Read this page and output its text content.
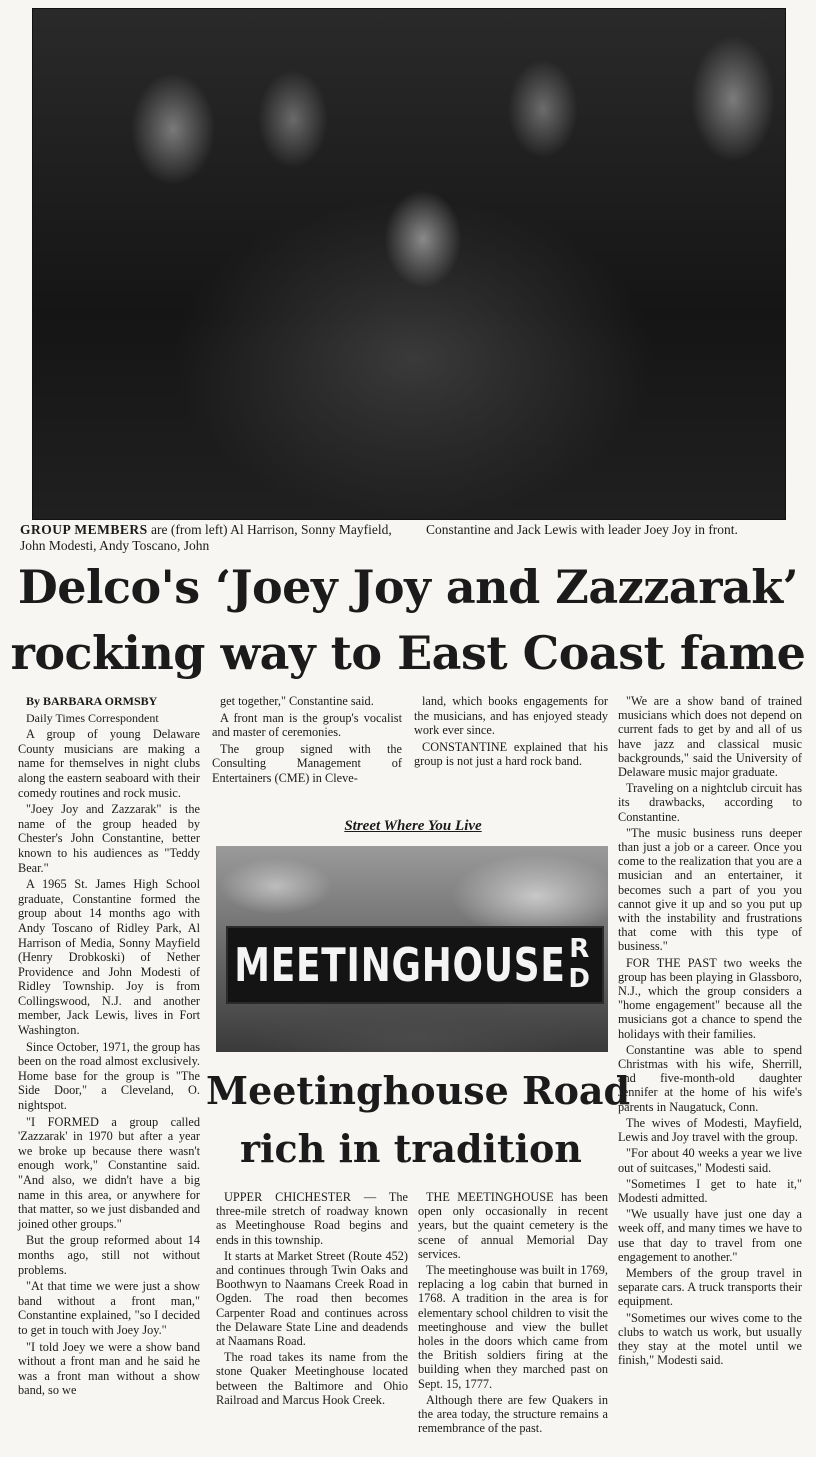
GROUP MEMBERS are (from left) Al Harrison, Sonny Mayfield, John Modesti, Andy Toscano, John
Constantine and Jack Lewis with leader Joey Joy in front.
Delco's ‘Joey Joy and Zazzarak’
rocking way to East Coast fame

By BARBARA ORMSBY

Daily Times Correspondent

A group of young Delaware County musicians are making a name for themselves in night clubs along the eastern seaboard with their comedy routines and rock music.

"Joey Joy and Zazzarak" is the name of the group headed by Chester's John Constantine, better known to his audiences as "Teddy Bear."

A 1965 St. James High School graduate, Constantine formed the group about 14 months ago with Andy Toscano of Ridley Park, Al Harrison of Media, Sonny Mayfield (Henry Drobkoski) of Nether Providence and John Modesti of Ridley Township. Joy is from Collingswood, N.J. and another member, Jack Lewis, lives in Fort Washington.

Since October, 1971, the group has been on the road almost exclusively. Home base for the group is "The Side Door," a Cleveland, O. nightspot.

"I FORMED a group called 'Zazzarak' in 1970 but after a year we broke up because there wasn't enough work," Constantine said. "And also, we didn't have a big name in this area, or anywhere for that matter, so we just disbanded and joined other groups."

But the group reformed about 14 months ago, still not without problems.

"At that time we were just a show band without a front man," Constantine explained, "so I decided to get in touch with Joey Joy."

"I told Joey we were a show band without a front man and he said he was a front man without a show band, so we

get together," Constantine said.

A front man is the group's vocalist and master of ceremonies.

The group signed with the Consulting Management of Entertainers (CME) in Cleve-

land, which books engagements for the musicians, and has enjoyed steady work ever since.

CONSTANTINE explained that his group is not just a hard rock band.

"We are a show band of trained musicians which does not depend on current fads to get by and all of us have jazz and classical music backgrounds," said the University of Delaware music major graduate.

Traveling on a nightclub circuit has its drawbacks, according to Constantine.

"The music business runs deeper than just a job or a career. Once you come to the realization that you are a musician and an entertainer, it becomes such a part of you you cannot give it up and so you put up with the instability and frustrations that come with this type of business."

FOR THE PAST two weeks the group has been playing in Glassboro, N.J., which the group considers a "home engagement" because all the musicians got a chance to spend the holidays with their families.

Constantine was able to spend Christmas with his wife, Sherrill, and five-month-old daughter Jennifer at the home of his wife's parents in Naugatuck, Conn.

The wives of Modesti, Mayfield, Lewis and Joy travel with the group.

"For about 40 weeks a year we live out of suitcases," Modesti said.

"Sometimes I get to hate it," Modesti admitted.

"We usually have just one day a week off, and many times we have to use that day to travel from one engagement to another."

Members of the group travel in separate cars. A truck transports their equipment.

"Sometimes our wives come to the clubs to watch us work, but usually they stay at the motel until we finish," Modesti said.

Street Where You Live
MEETINGHOUSE R
D
Meetinghouse Road
rich in tradition

UPPER CHICHESTER — The three-mile stretch of roadway known as Meetinghouse Road begins and ends in this township.

It starts at Market Street (Route 452) and continues through Twin Oaks and Boothwyn to Naamans Creek Road in Ogden. The road then becomes Carpenter Road and continues across the Delaware State Line and deadends at Naamans Road.

The road takes its name from the stone Quaker Meetinghouse located between the Baltimore and Ohio Railroad and Marcus Hook Creek.

THE MEETINGHOUSE has been open only occasionally in recent years, but the quaint cemetery is the scene of annual Memorial Day services.

The meetinghouse was built in 1769, replacing a log cabin that burned in 1768. A tradition in the area is for elementary school children to visit the meetinghouse and view the bullet holes in the doors which came from the British soldiers firing at the building when they marched past on Sept. 15, 1777.

Although there are few Quakers in the area today, the structure remains a remembrance of the past.
